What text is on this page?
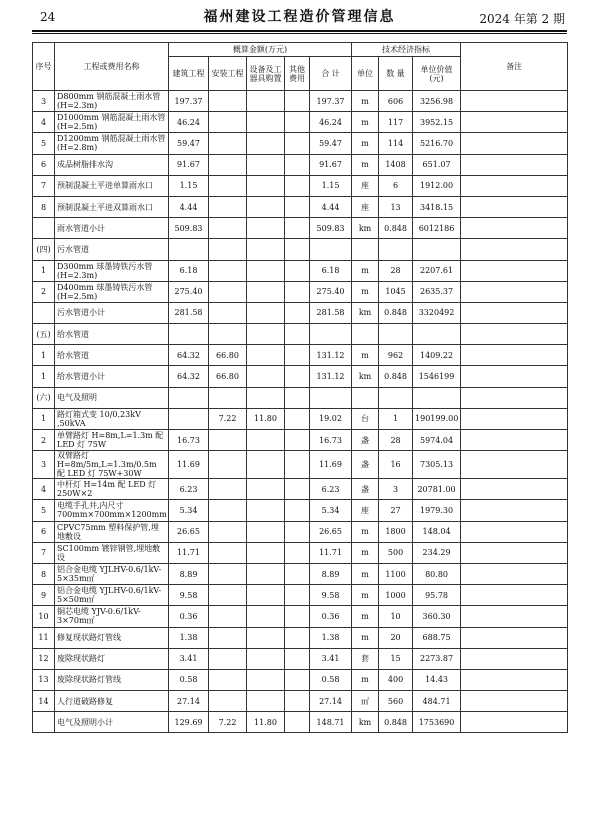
24	福州建设工程造价管理信息	2024 年第 2 期
序号	工程或费用名称	概算金额(万元)					技术经济指标			备注
		建筑工程	安装工程	设备及工器具购置	其他费用	合 计	单位	数 量	单位价值(元)	
3	D800mm 钢筋混凝土雨水管(H=2.3m)	197.37				197.37	m	606	3256.98	
4	D1000mm 钢筋混凝土雨水管(H=2.5m)	46.24				46.24	m	117	3952.15	
5	D1200mm 钢筋混凝土雨水管(H=2.8m)	59.47				59.47	m	114	5216.70	
6	成品树脂排水沟	91.67				91.67	m	1408	651.07	
7	预制混凝土平进单算雨水口	1.15				1.15	座	6	1912.00	
8	预制混凝土平进双算雨水口	4.44				4.44	座	13	3418.15	
	雨水管道小计	509.83				509.83	km	0.848	6012186	
(四)	污水管道									
1	D300mm 球墨铸铁污水管(H=2.3m)	6.18				6.18	m	28	2207.61	
2	D400mm 球墨铸铁污水管(H=2.5m)	275.40				275.40	m	1045	2635.37	
	污水管道小计	281.58				281.58	km	0.848	3320492	
(五)	给水管道									
1	给水管道	64.32	66.80			131.12	m	962	1409.22	
1	给水管道小计	64.32	66.80			131.12	km	0.848	1546199	
(六)	电气及照明									
1	路灯箱式变 10/0.23kV ,50kVA		7.22	11.80		19.02	台	1	190199.00	
2	单臂路灯 H=8m,L=1.3m 配 LED 灯 75W	16.73				16.73	盏	28	5974.04	
3	双臂路灯 H=8m/5m,L=1.3m/0.5m 配 LED 灯 75W+30W	11.69				11.69	盏	16	7305.13	
4	中杆灯 H=14m 配 LED 灯 250W×2	6.23				6.23	盏	3	20781.00	
5	电缆手孔井,内尺寸 700mm×700mm×1200mm	5.34				5.34	座	27	1979.30	
6	CPVC75mm 塑料保护管,埋地敷设	26.65				26.65	m	1800	148.04	
7	SC100mm 镀锌钢管,埋地敷设	11.71				11.71	m	500	234.29	
8	铝合金电缆 YJLHV-0.6/1kV-5×35m㎡	8.89				8.89	m	1100	80.80	
9	铝合金电缆 YJLHV-0.6/1kV-5×50m㎡	9.58				9.58	m	1000	95.78	
10	铜芯电缆 YJV-0.6/1kV-3×70m㎡	0.36				0.36	m	10	360.30	
11	修复现状路灯管线	1.38				1.38	m	20	688.75	
12	废除现状路灯	3.41				3.41	套	15	2273.87	
13	废除现状路灯管线	0.58				0.58	m	400	14.43	
14	人行道破路修复	27.14				27.14	㎡	560	484.71	
	电气及照明小计	129.69	7.22	11.80		148.71	km	0.848	1753690	
